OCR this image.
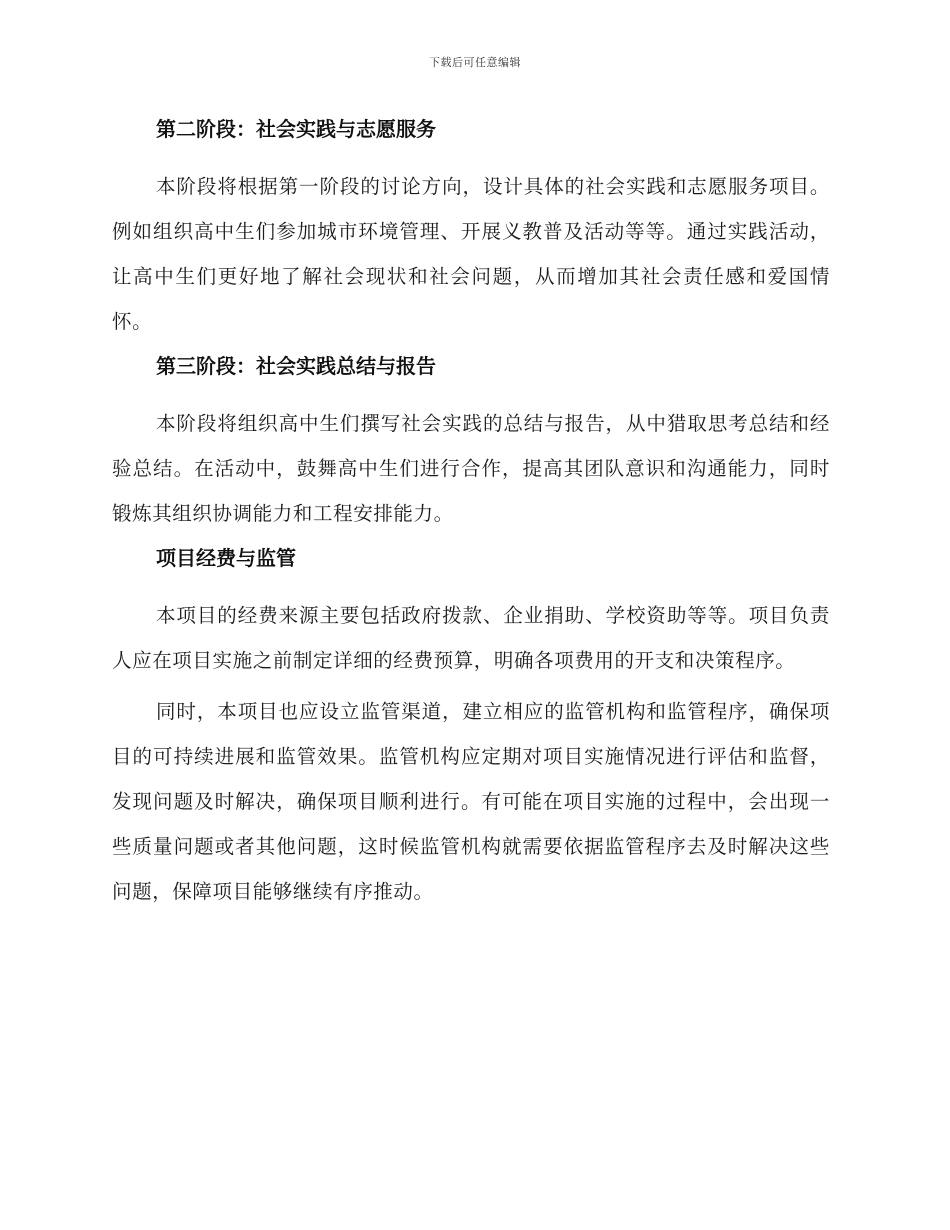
下载后可任意编辑
第二阶段：社会实践与志愿服务

本阶段将根据第一阶段的讨论方向，设计具体的社会实践和志愿服务项目。例如组织高中生们参加城市环境管理、开展义教普及活动等等。通过实践活动，让高中生们更好地了解社会现状和社会问题，从而增加其社会责任感和爱国情怀。

第三阶段：社会实践总结与报告

本阶段将组织高中生们撰写社会实践的总结与报告，从中猎取思考总结和经验总结。在活动中，鼓舞高中生们进行合作，提高其团队意识和沟通能力，同时锻炼其组织协调能力和工程安排能力。

项目经费与监管

本项目的经费来源主要包括政府拨款、企业捐助、学校资助等等。项目负责人应在项目实施之前制定详细的经费预算，明确各项费用的开支和决策程序。

同时，本项目也应设立监管渠道，建立相应的监管机构和监管程序，确保项目的可持续进展和监管效果。监管机构应定期对项目实施情况进行评估和监督，发现问题及时解决，确保项目顺利进行。有可能在项目实施的过程中，会出现一些质量问题或者其他问题，这时候监管机构就需要依据监管程序去及时解决这些问题，保障项目能够继续有序推动。
